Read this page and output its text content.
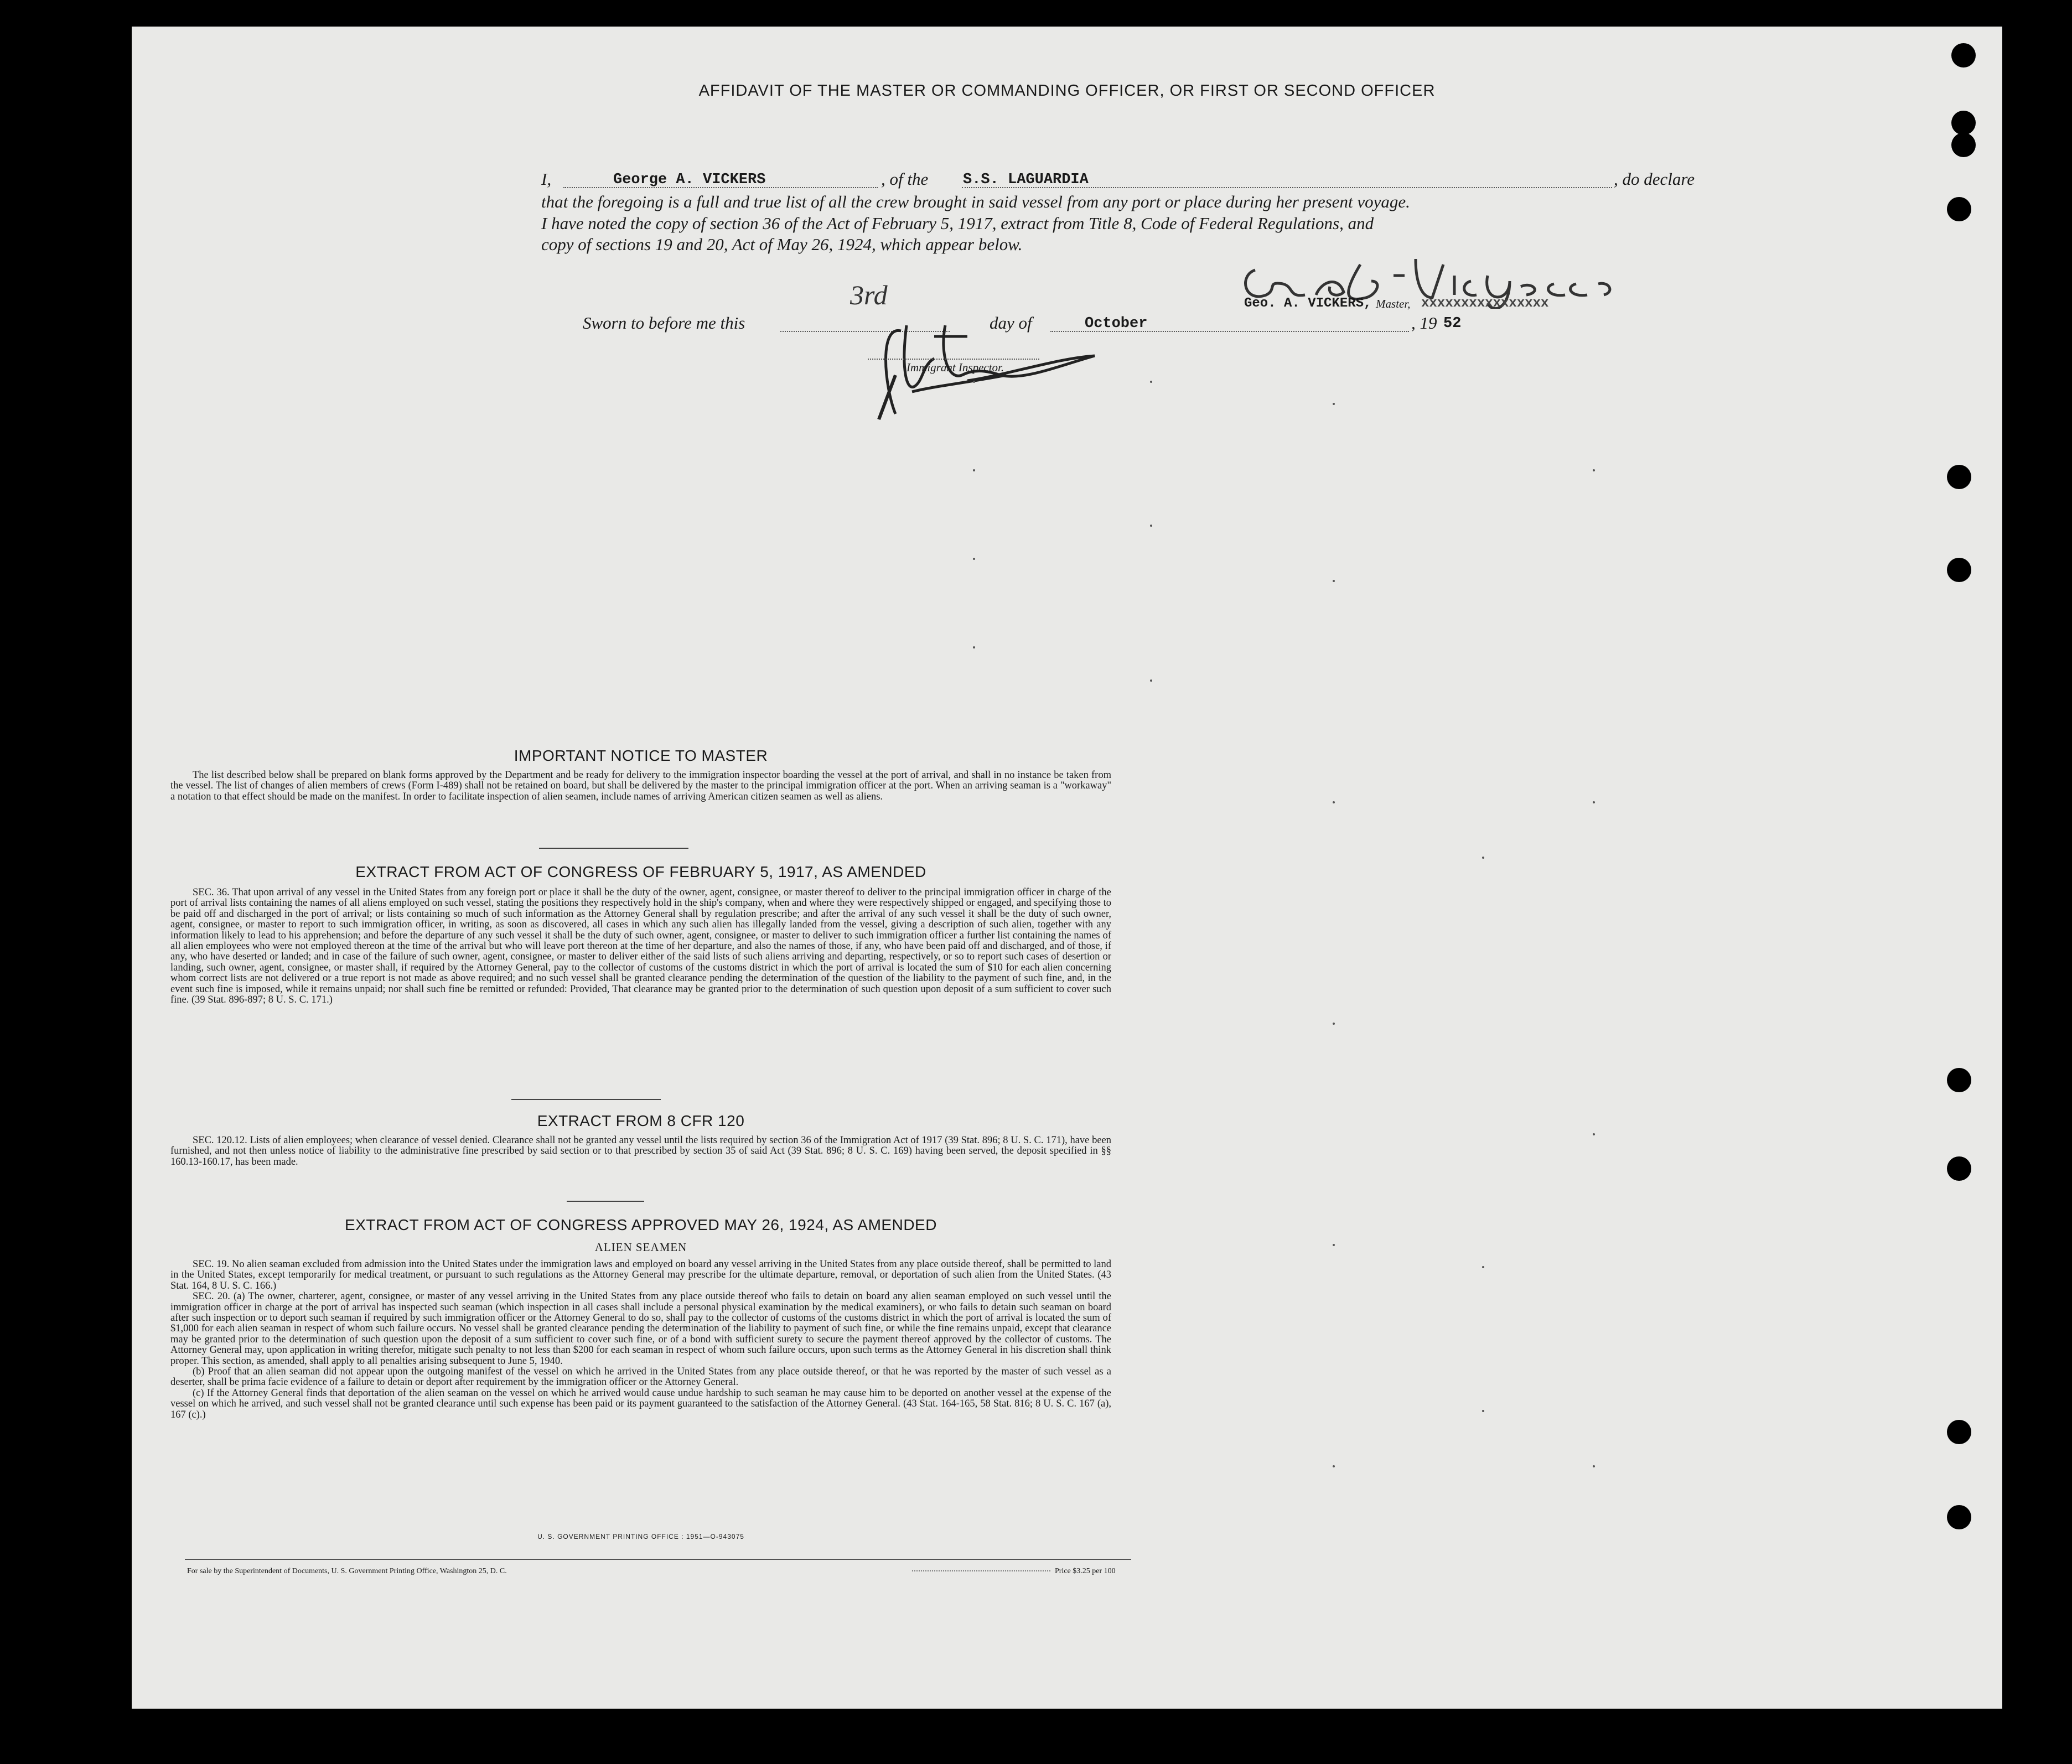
AFFIDAVIT OF THE MASTER OR COMMANDING OFFICER, OR FIRST OR SECOND OFFICER
I,	George A. VICKERS	, of the S.S. LAGUARDIA	, do declare
that the foregoing is a full and true list of all the crew brought in said vessel from any port or place during her present voyage.
I have noted the copy of section 36 of the Act of February 5, 1917, extract from Title 8, Code of Federal Regulations, and
copy of sections 19 and 20, Act of May 26, 1924, which appear below.
Geo. A. VICKERS, Master, xxxxxxxxxxxxxxxx
Sworn to before me this
3rd
day of	October	, 19 52
Immigrant Inspector.
IMPORTANT NOTICE TO MASTER
The list described below shall be prepared on blank forms approved by the Department and be ready for delivery to the immigration inspector boarding the vessel at the port of arrival, and shall in no instance be taken from the vessel. The list of changes of alien members of crews (Form I-489) shall not be retained on board, but shall be delivered by the master to the principal immigration officer at the port. When an arriving seaman is a "workaway" a notation to that effect should be made on the manifest. In order to facilitate inspection of alien seamen, include names of arriving American citizen seamen as well as aliens.
EXTRACT FROM ACT OF CONGRESS OF FEBRUARY 5, 1917, AS AMENDED
SEC. 36. That upon arrival of any vessel in the United States from any foreign port or place it shall be the duty of the owner, agent, consignee, or master thereof to deliver to the principal immigration officer in charge of the port of arrival lists containing the names of all aliens employed on such vessel, stating the positions they respectively hold in the ship's company, when and where they were respectively shipped or engaged, and specifying those to be paid off and discharged in the port of arrival; or lists containing so much of such information as the Attorney General shall by regulation prescribe; and after the arrival of any such vessel it shall be the duty of such owner, agent, consignee, or master to report to such immigration officer, in writing, as soon as discovered, all cases in which any such alien has illegally landed from the vessel, giving a description of such alien, together with any information likely to lead to his apprehension; and before the departure of any such vessel it shall be the duty of such owner, agent, consignee, or master to deliver to such immigration officer a further list containing the names of all alien employees who were not employed thereon at the time of the arrival but who will leave port thereon at the time of her departure, and also the names of those, if any, who have been paid off and discharged, and of those, if any, who have deserted or landed; and in case of the failure of such owner, agent, consignee, or master to deliver either of the said lists of such aliens arriving and departing, respectively, or so to report such cases of desertion or landing, such owner, agent, consignee, or master shall, if required by the Attorney General, pay to the collector of customs of the customs district in which the port of arrival is located the sum of $10 for each alien concerning whom correct lists are not delivered or a true report is not made as above required; and no such vessel shall be granted clearance pending the determination of the question of the liability to the payment of such fine, and, in the event such fine is imposed, while it remains unpaid; nor shall such fine be remitted or refunded: Provided, That clearance may be granted prior to the determination of such question upon deposit of a sum sufficient to cover such fine. (39 Stat. 896-897; 8 U. S. C. 171.)
EXTRACT FROM 8 CFR 120
SEC. 120.12. Lists of alien employees; when clearance of vessel denied. Clearance shall not be granted any vessel until the lists required by section 36 of the Immigration Act of 1917 (39 Stat. 896; 8 U. S. C. 171), have been furnished, and not then unless notice of liability to the administrative fine prescribed by said section or to that prescribed by section 35 of said Act (39 Stat. 896; 8 U. S. C. 169) having been served, the deposit specified in §§ 160.13-160.17, has been made.
EXTRACT FROM ACT OF CONGRESS APPROVED MAY 26, 1924, AS AMENDED
ALIEN SEAMEN
SEC. 19. No alien seaman excluded from admission into the United States under the immigration laws and employed on board any vessel arriving in the United States from any place outside thereof, shall be permitted to land in the United States, except temporarily for medical treatment, or pursuant to such regulations as the Attorney General may prescribe for the ultimate departure, removal, or deportation of such alien from the United States. (43 Stat. 164, 8 U. S. C. 166.)
SEC. 20. (a) The owner, charterer, agent, consignee, or master of any vessel arriving in the United States from any place outside thereof who fails to detain on board any alien seaman employed on such vessel until the immigration officer in charge at the port of arrival has inspected such seaman (which inspection in all cases shall include a personal physical examination by the medical examiners), or who fails to detain such seaman on board after such inspection or to deport such seaman if required by such immigration officer or the Attorney General to do so, shall pay to the collector of customs of the customs district in which the port of arrival is located the sum of $1,000 for each alien seaman in respect of whom such failure occurs. No vessel shall be granted clearance pending the determination of the liability to payment of such fine, or while the fine remains unpaid, except that clearance may be granted prior to the determination of such question upon the deposit of a sum sufficient to cover such fine, or of a bond with sufficient surety to secure the payment thereof approved by the collector of customs. The Attorney General may, upon application in writing therefor, mitigate such penalty to not less than $200 for each seaman in respect of whom such failure occurs, upon such terms as the Attorney General in his discretion shall think proper. This section, as amended, shall apply to all penalties arising subsequent to June 5, 1940.
(b) Proof that an alien seaman did not appear upon the outgoing manifest of the vessel on which he arrived in the United States from any place outside thereof, or that he was reported by the master of such vessel as a deserter, shall be prima facie evidence of a failure to detain or deport after requirement by the immigration officer or the Attorney General.
(c) If the Attorney General finds that deportation of the alien seaman on the vessel on which he arrived would cause undue hardship to such seaman he may cause him to be deported on another vessel at the expense of the vessel on which he arrived, and such vessel shall not be granted clearance until such expense has been paid or its payment guaranteed to the satisfaction of the Attorney General. (43 Stat. 164-165, 58 Stat. 816; 8 U. S. C. 167 (a), 167 (c).)
U. S. GOVERNMENT PRINTING OFFICE : 1951—O-943075
For sale by the Superintendent of Documents, U. S. Government Printing Office, Washington 25, D. C.	Price $3.25 per 100
